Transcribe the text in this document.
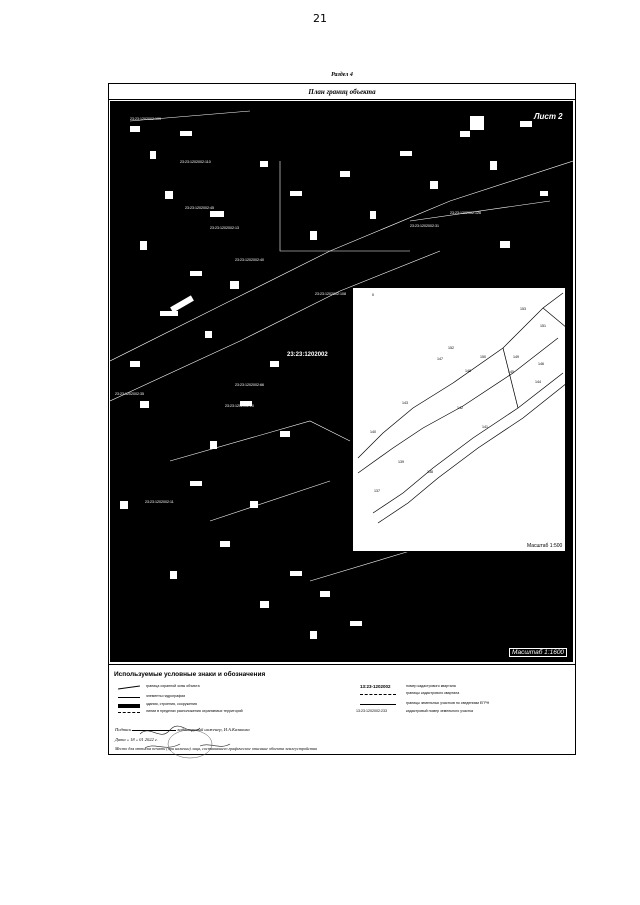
21
Раздел 4
План границ объекта
Лист 2
23:23:1202002
23:23:1202002:109
23:23:1202002:110
23:23:1202002:45
23:23:1202002:128
23:23:1202002:13	23:23:1202002:31
23:23:1202002:40
23:23:1202002:108
23:23:1202002:35
23:23:1202002:66
23:23:1202002:20
23:23:1202002:11
Ⅱ
153
151
152
150	149
147
148
146
145
144
143
142
141
140
139
138
137
Масштаб 1:500
Масштаб 1:1600
Используемые условные знаки и обозначения
граница охранной зоны объекта
элементы гидрографии
здания, строения, сооружения
линии в пределах расположения охраняемых территорий
13:23-1202002	номер кадастрового квартала
границы кадастрового квартала
границы земельных участков по сведениям ЕГРН
13:23:1202002:233	кадастровый номер земельного участка
Подпись	кадастровый инженер, И.А.Казакова
Дата « 18 » 01 2022 г.
Место для оттиска печати (при наличии) лица, составившего графическое описание объекта землеустройства
